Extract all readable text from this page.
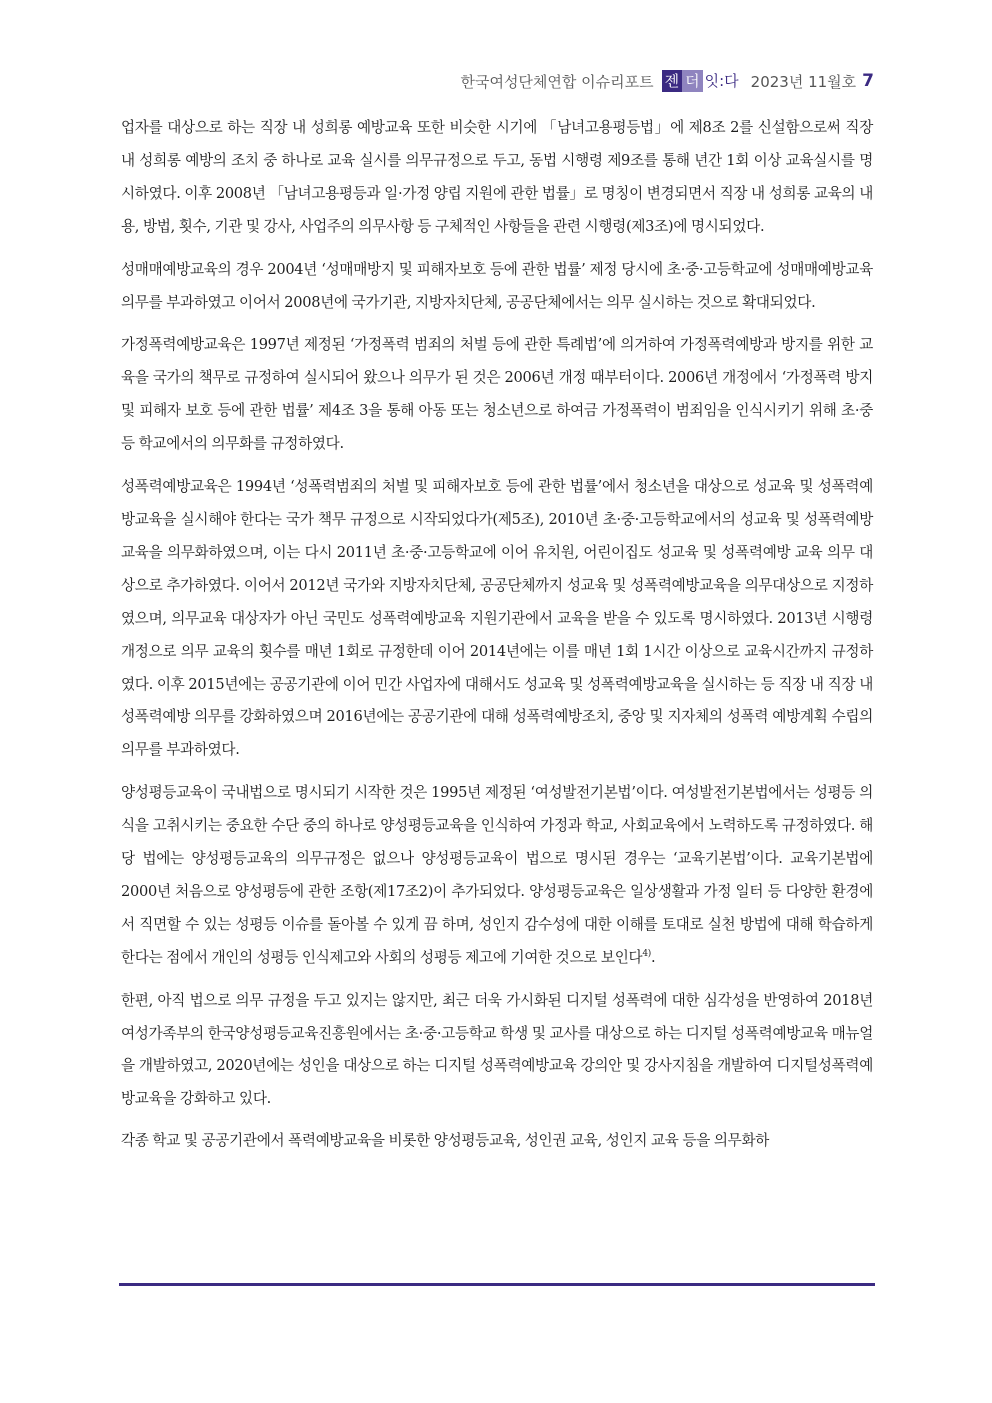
한국여성단체연합 이슈리포트 젠 더 잇:다 2023년 11월호 7

업자를 대상으로 하는 직장 내 성희롱 예방교육 또한 비슷한 시기에 「남녀고용평등법」에 제8조 2를 신설함으로써 직장 내 성희롱 예방의 조치 중 하나로 교육 실시를 의무규정으로 두고, 동법 시행령 제9조를 통해 년간 1회 이상 교육실시를 명시하였다. 이후 2008년 「남녀고용평등과 일·가정 양립 지원에 관한 법률」로 명칭이 변경되면서 직장 내 성희롱 교육의 내용, 방법, 횟수, 기관 및 강사, 사업주의 의무사항 등 구체적인 사항들을 관련 시행령(제3조)에 명시되었다.

성매매예방교육의 경우 2004년 ‘성매매방지 및 피해자보호 등에 관한 법률’ 제정 당시에 초·중·고등학교에 성매매예방교육 의무를 부과하였고 이어서 2008년에 국가기관, 지방자치단체, 공공단체에서는 의무 실시하는 것으로 확대되었다.

가정폭력예방교육은 1997년 제정된 ‘가정폭력 범죄의 처벌 등에 관한 특례법’에 의거하여 가정폭력예방과 방지를 위한 교육을 국가의 책무로 규정하여 실시되어 왔으나 의무가 된 것은 2006년 개정 때부터이다. 2006년 개정에서 ‘가정폭력 방지 및 피해자 보호 등에 관한 법률’ 제4조 3을 통해 아동 또는 청소년으로 하여금 가정폭력이 범죄임을 인식시키기 위해 초·중등 학교에서의 의무화를 규정하였다.

성폭력예방교육은 1994년 ‘성폭력범죄의 처벌 및 피해자보호 등에 관한 법률’에서 청소년을 대상으로 성교육 및 성폭력예방교육을 실시해야 한다는 국가 책무 규정으로 시작되었다가(제5조), 2010년 초·중·고등학교에서의 성교육 및 성폭력예방교육을 의무화하였으며, 이는 다시 2011년 초·중·고등학교에 이어 유치원, 어린이집도 성교육 및 성폭력예방 교육 의무 대상으로 추가하였다. 이어서 2012년 국가와 지방자치단체, 공공단체까지 성교육 및 성폭력예방교육을 의무대상으로 지정하였으며, 의무교육 대상자가 아닌 국민도 성폭력예방교육 지원기관에서 교육을 받을 수 있도록 명시하였다. 2013년 시행령 개정으로 의무 교육의 횟수를 매년 1회로 규정한데 이어 2014년에는 이를 매년 1회 1시간 이상으로 교육시간까지 규정하였다. 이후 2015년에는 공공기관에 이어 민간 사업자에 대해서도 성교육 및 성폭력예방교육을 실시하는 등 직장 내 직장 내 성폭력예방 의무를 강화하였으며 2016년에는 공공기관에 대해 성폭력예방조치, 중앙 및 지자체의 성폭력 예방계획 수립의 의무를 부과하였다.

양성평등교육이 국내법으로 명시되기 시작한 것은 1995년 제정된 ‘여성발전기본법’이다. 여성발전기본법에서는 성평등 의식을 고취시키는 중요한 수단 중의 하나로 양성평등교육을 인식하여 가정과 학교, 사회교육에서 노력하도록 규정하였다. 해당 법에는 양성평등교육의 의무규정은 없으나 양성평등교육이 법으로 명시된 경우는 ‘교육기본법’이다. 교육기본법에 2000년 처음으로 양성평등에 관한 조항(제17조2)이 추가되었다. 양성평등교육은 일상생활과 가정 일터 등 다양한 환경에서 직면할 수 있는 성평등 이슈를 돌아볼 수 있게 끔 하며, 성인지 감수성에 대한 이해를 토대로 실천 방법에 대해 학습하게 한다는 점에서 개인의 성평등 인식제고와 사회의 성평등 제고에 기여한 것으로 보인다$^{4)}$.

한편, 아직 법으로 의무 규정을 두고 있지는 않지만, 최근 더욱 가시화된 디지털 성폭력에 대한 심각성을 반영하여 2018년 여성가족부의 한국양성평등교육진흥원에서는 초·중·고등학교 학생 및 교사를 대상으로 하는 디지털 성폭력예방교육 매뉴얼을 개발하였고, 2020년에는 성인을 대상으로 하는 디지털 성폭력예방교육 강의안 및 강사지침을 개발하여 디지털성폭력예방교육을 강화하고 있다.

각종 학교 및 공공기관에서 폭력예방교육을 비롯한 양성평등교육, 성인권 교육, 성인지 교육 등을 의무화하
